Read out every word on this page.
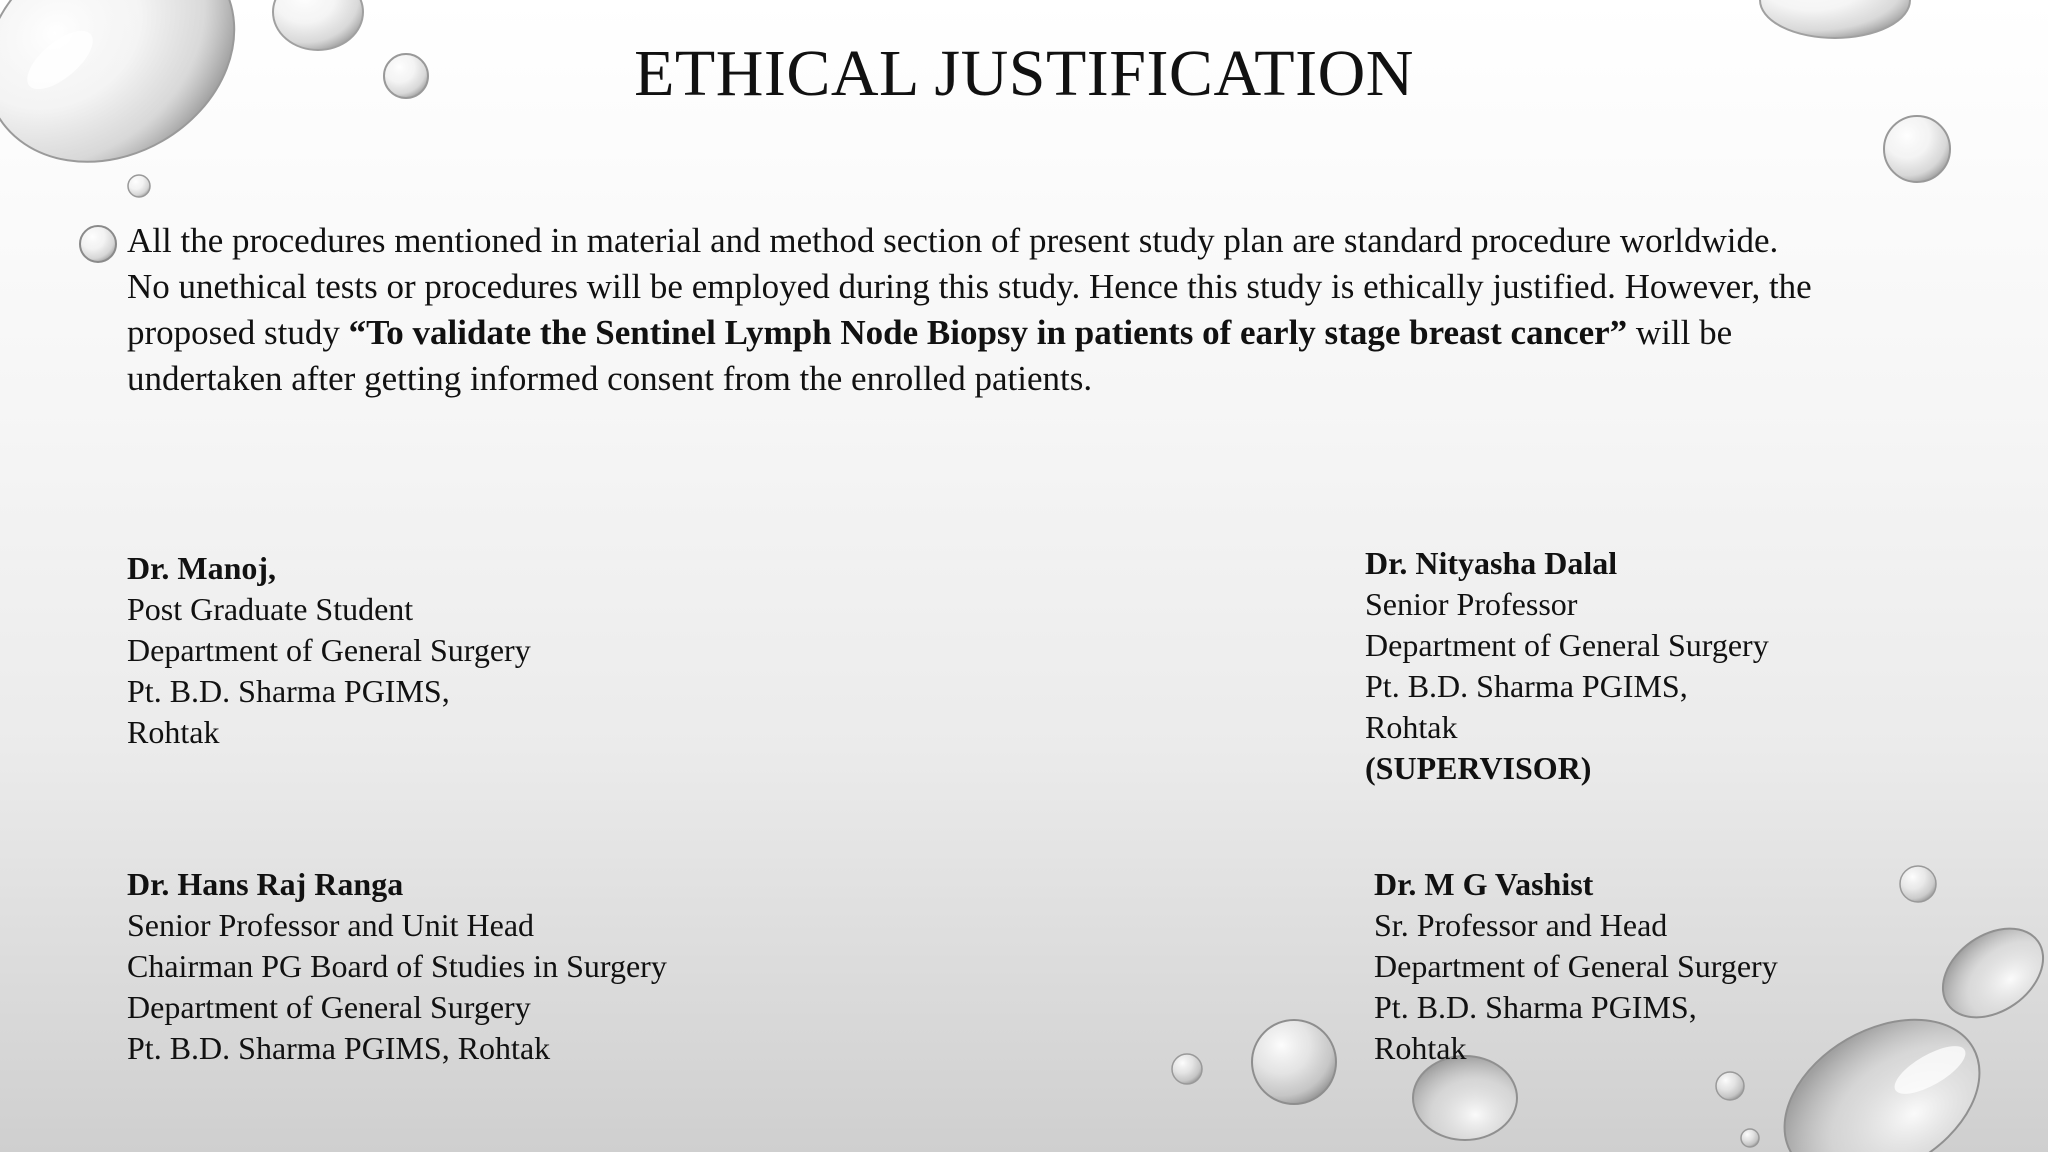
ETHICAL JUSTIFICATION

All the procedures mentioned in material and method section of present study plan are standard procedure worldwide. No unethical tests or procedures will be employed during this study. Hence this study is ethically justified. However, the proposed study “To validate the Sentinel Lymph Node Biopsy in patients of early stage breast cancer” will be undertaken after getting informed consent from the enrolled patients.

Dr. Manoj,
Post Graduate Student
Department of General Surgery
Pt. B.D. Sharma PGIMS,
Rohtak
Dr. Nityasha Dalal
Senior Professor
Department of General Surgery
Pt. B.D. Sharma PGIMS,
Rohtak
(SUPERVISOR)
Dr. Hans Raj Ranga
Senior Professor and Unit Head
Chairman PG Board of Studies in Surgery
Department of General Surgery
Pt. B.D. Sharma PGIMS, Rohtak
Dr. M G Vashist
Sr. Professor and Head
Department of General Surgery
Pt. B.D. Sharma PGIMS,
Rohtak
